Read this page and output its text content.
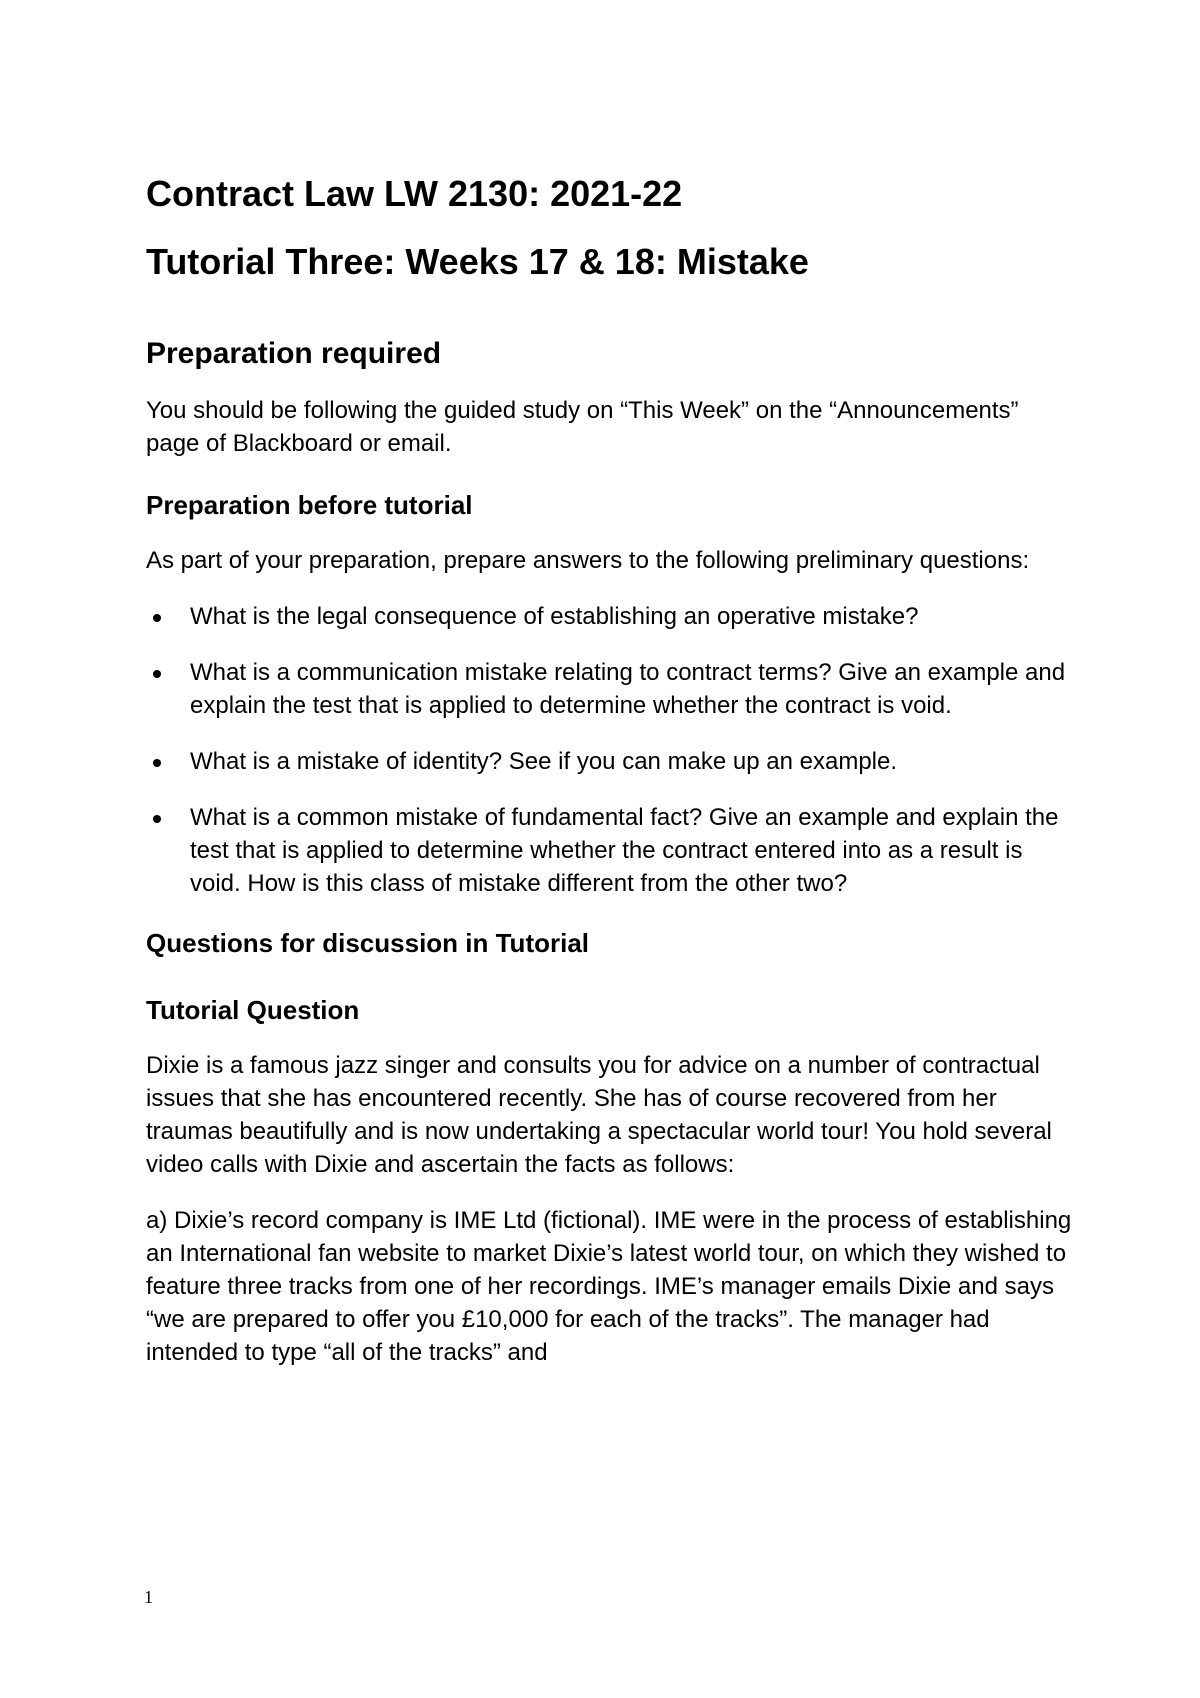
Contract Law LW 2130: 2021-22
Tutorial Three: Weeks 17 & 18: Mistake
Preparation required

You should be following the guided study on “This Week” on the “Announcements” page of Blackboard or email.

Preparation before tutorial

As part of your preparation, prepare answers to the following preliminary questions:

What is the legal consequence of establishing an operative mistake?
What is a communication mistake relating to contract terms? Give an example and explain the test that is applied to determine whether the contract is void.
What is a mistake of identity? See if you can make up an example.
What is a common mistake of fundamental fact? Give an example and explain the test that is applied to determine whether the contract entered into as a result is void. How is this class of mistake different from the other two?
Questions for discussion in Tutorial
Tutorial Question

Dixie is a famous jazz singer and consults you for advice on a number of contractual issues that she has encountered recently. She has of course recovered from her traumas beautifully and is now undertaking a spectacular world tour! You hold several video calls with Dixie and ascertain the facts as follows:

a) Dixie’s record company is IME Ltd (fictional). IME were in the process of establishing an International fan website to market Dixie’s latest world tour, on which they wished to feature three tracks from one of her recordings. IME’s manager emails Dixie and says “we are prepared to offer you £10,000 for each of the tracks”. The manager had intended to type “all of the tracks” and

1
